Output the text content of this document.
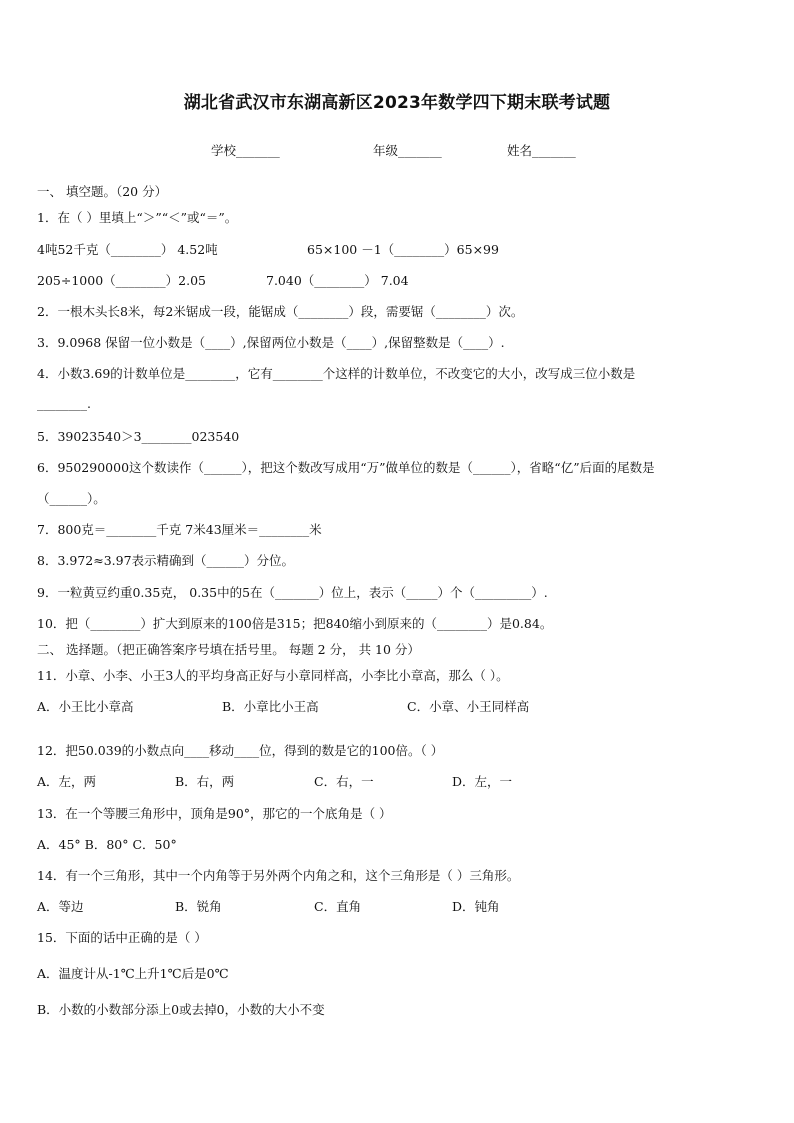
湖北省武汉市东湖高新区2023年数学四下期末联考试题
学校_______	年级_______	姓名_______
一、 填空题。（20 分）
1．在（ ）里填上“＞”“＜”或“＝”。
4吨52千克（________） 4.52吨	65×100 －1（________）65×99
205÷1000（________）2.05	7.040（________） 7.04
2．一根木头长8米，每2米锯成一段，能锯成（________）段，需要锯（________）次。
3．9.0968 保留一位小数是（____）,保留两位小数是（____）,保留整数是（____）.
4．小数3.69的计数单位是________，它有________个这样的计数单位，不改变它的大小，改写成三位小数是
________.
5．39023540＞3________023540
6．950290000这个数读作（______），把这个数改写成用“万”做单位的数是（______），省略“亿”后面的尾数是
（______）。
7．800克＝________千克 7米43厘米＝________米
8．3.972≈3.97表示精确到（______）分位。
9．一粒黄豆约重0.35克， 0.35中的5在（_______）位上，表示（_____）个（_________）.
10．把（________）扩大到原来的100倍是315；把840缩小到原来的（________）是0.84。
二、 选择题。（把正确答案序号填在括号里。 每题 2 分， 共 10 分）
11．小章、小李、小王3人的平均身高正好与小章同样高，小李比小章高，那么（ ）。
A．小王比小章高	B．小章比小王高	C．小章、小王同样高
12．把50.039的小数点向____移动____位，得到的数是它的100倍。（ ）
A．左，两	B．右，两	C．右，一	D．左，一
13．在一个等腰三角形中，顶角是90°，那它的一个底角是（ ）
A．45° B．80° C．50°
14．有一个三角形，其中一个内角等于另外两个内角之和，这个三角形是（ ）三角形。
A．等边	B．锐角	C．直角	D．钝角
15．下面的话中正确的是（ ）
A．温度计从-1℃上升1℃后是0℃
B．小数的小数部分添上0或去掉0，小数的大小不变
